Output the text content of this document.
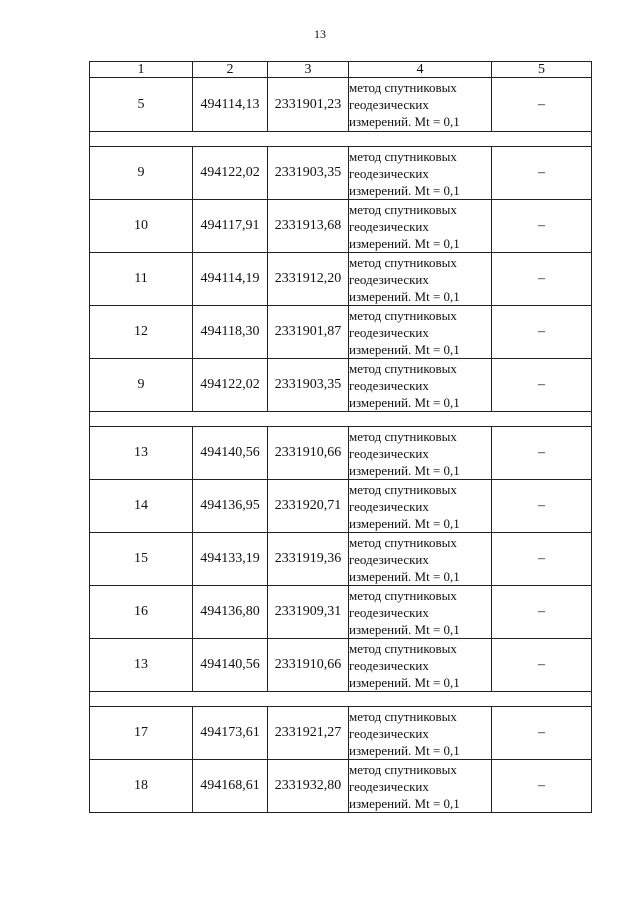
13
1	2	3	4	5
5	494114,13	2331901,23	метод спутниковых
геодезических
измерений. Mt = 0,1	–

9	494122,02	2331903,35	метод спутниковых
геодезических
измерений. Mt = 0,1	–
10	494117,91	2331913,68	метод спутниковых
геодезических
измерений. Mt = 0,1	–
11	494114,19	2331912,20	метод спутниковых
геодезических
измерений. Mt = 0,1	–
12	494118,30	2331901,87	метод спутниковых
геодезических
измерений. Mt = 0,1	–
9	494122,02	2331903,35	метод спутниковых
геодезических
измерений. Mt = 0,1	–

13	494140,56	2331910,66	метод спутниковых
геодезических
измерений. Mt = 0,1	–
14	494136,95	2331920,71	метод спутниковых
геодезических
измерений. Mt = 0,1	–
15	494133,19	2331919,36	метод спутниковых
геодезических
измерений. Mt = 0,1	–
16	494136,80	2331909,31	метод спутниковых
геодезических
измерений. Mt = 0,1	–
13	494140,56	2331910,66	метод спутниковых
геодезических
измерений. Mt = 0,1	–

17	494173,61	2331921,27	метод спутниковых
геодезических
измерений. Mt = 0,1	–
18	494168,61	2331932,80	метод спутниковых
геодезических
измерений. Mt = 0,1	–
